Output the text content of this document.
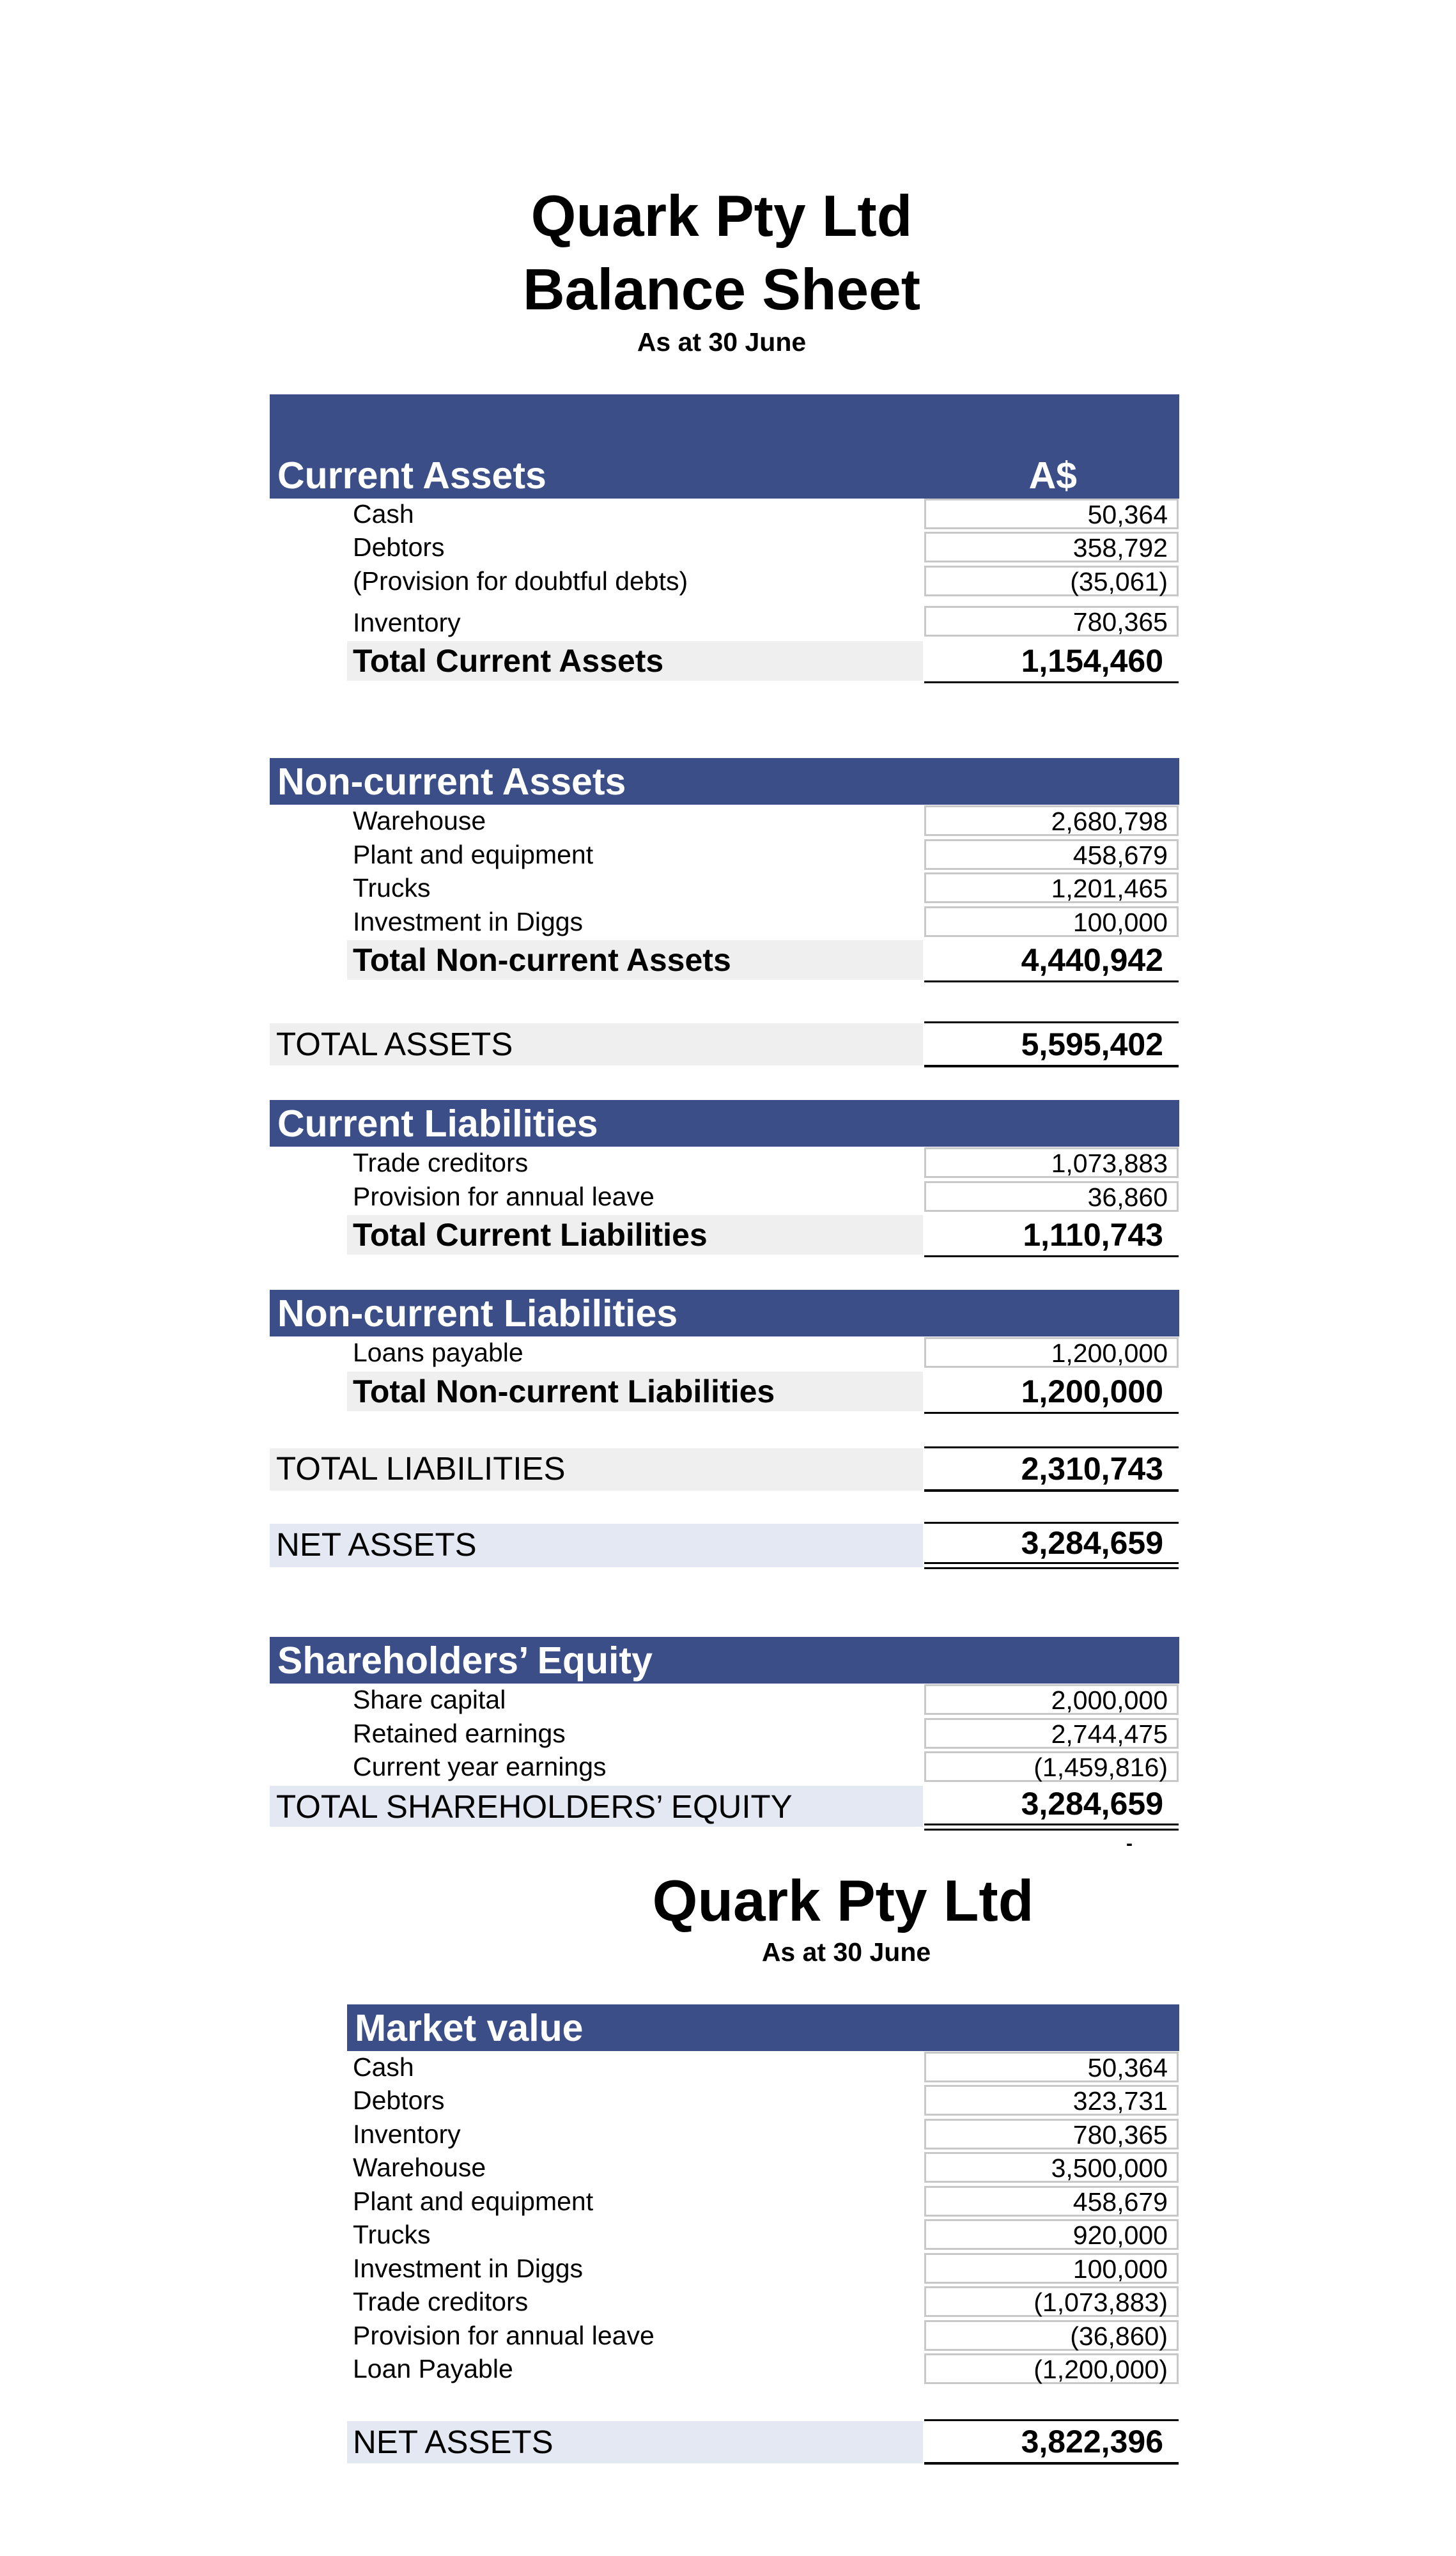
Quark Pty Ltd
Balance Sheet
As at 30 June
Current Assets	A$
Cash	50,364
Debtors	358,792
(Provision for doubtful debts)	(35,061)
Inventory	780,365
Total Current Assets	1,154,460
Non-current Assets
Warehouse	2,680,798
Plant and equipment	458,679
Trucks	1,201,465
Investment in Diggs	100,000
Total Non-current Assets	4,440,942
TOTAL ASSETS	5,595,402
Current Liabilities
Trade creditors	1,073,883
Provision for annual leave	36,860
Total Current Liabilities	1,110,743
Non-current Liabilities
Loans payable	1,200,000
Total Non-current Liabilities	1,200,000
TOTAL LIABILITIES	2,310,743
NET ASSETS	3,284,659
Shareholders’ Equity
Share capital	2,000,000
Retained earnings	2,744,475
Current year earnings	(1,459,816)
TOTAL SHAREHOLDERS’ EQUITY	3,284,659
-
Quark Pty Ltd
As at 30 June
Market value
Cash	50,364
Debtors	323,731
Inventory	780,365
Warehouse	3,500,000
Plant and equipment	458,679
Trucks	920,000
Investment in Diggs	100,000
Trade creditors	(1,073,883)
Provision for annual leave	(36,860)
Loan Payable	(1,200,000)
NET ASSETS	3,822,396
